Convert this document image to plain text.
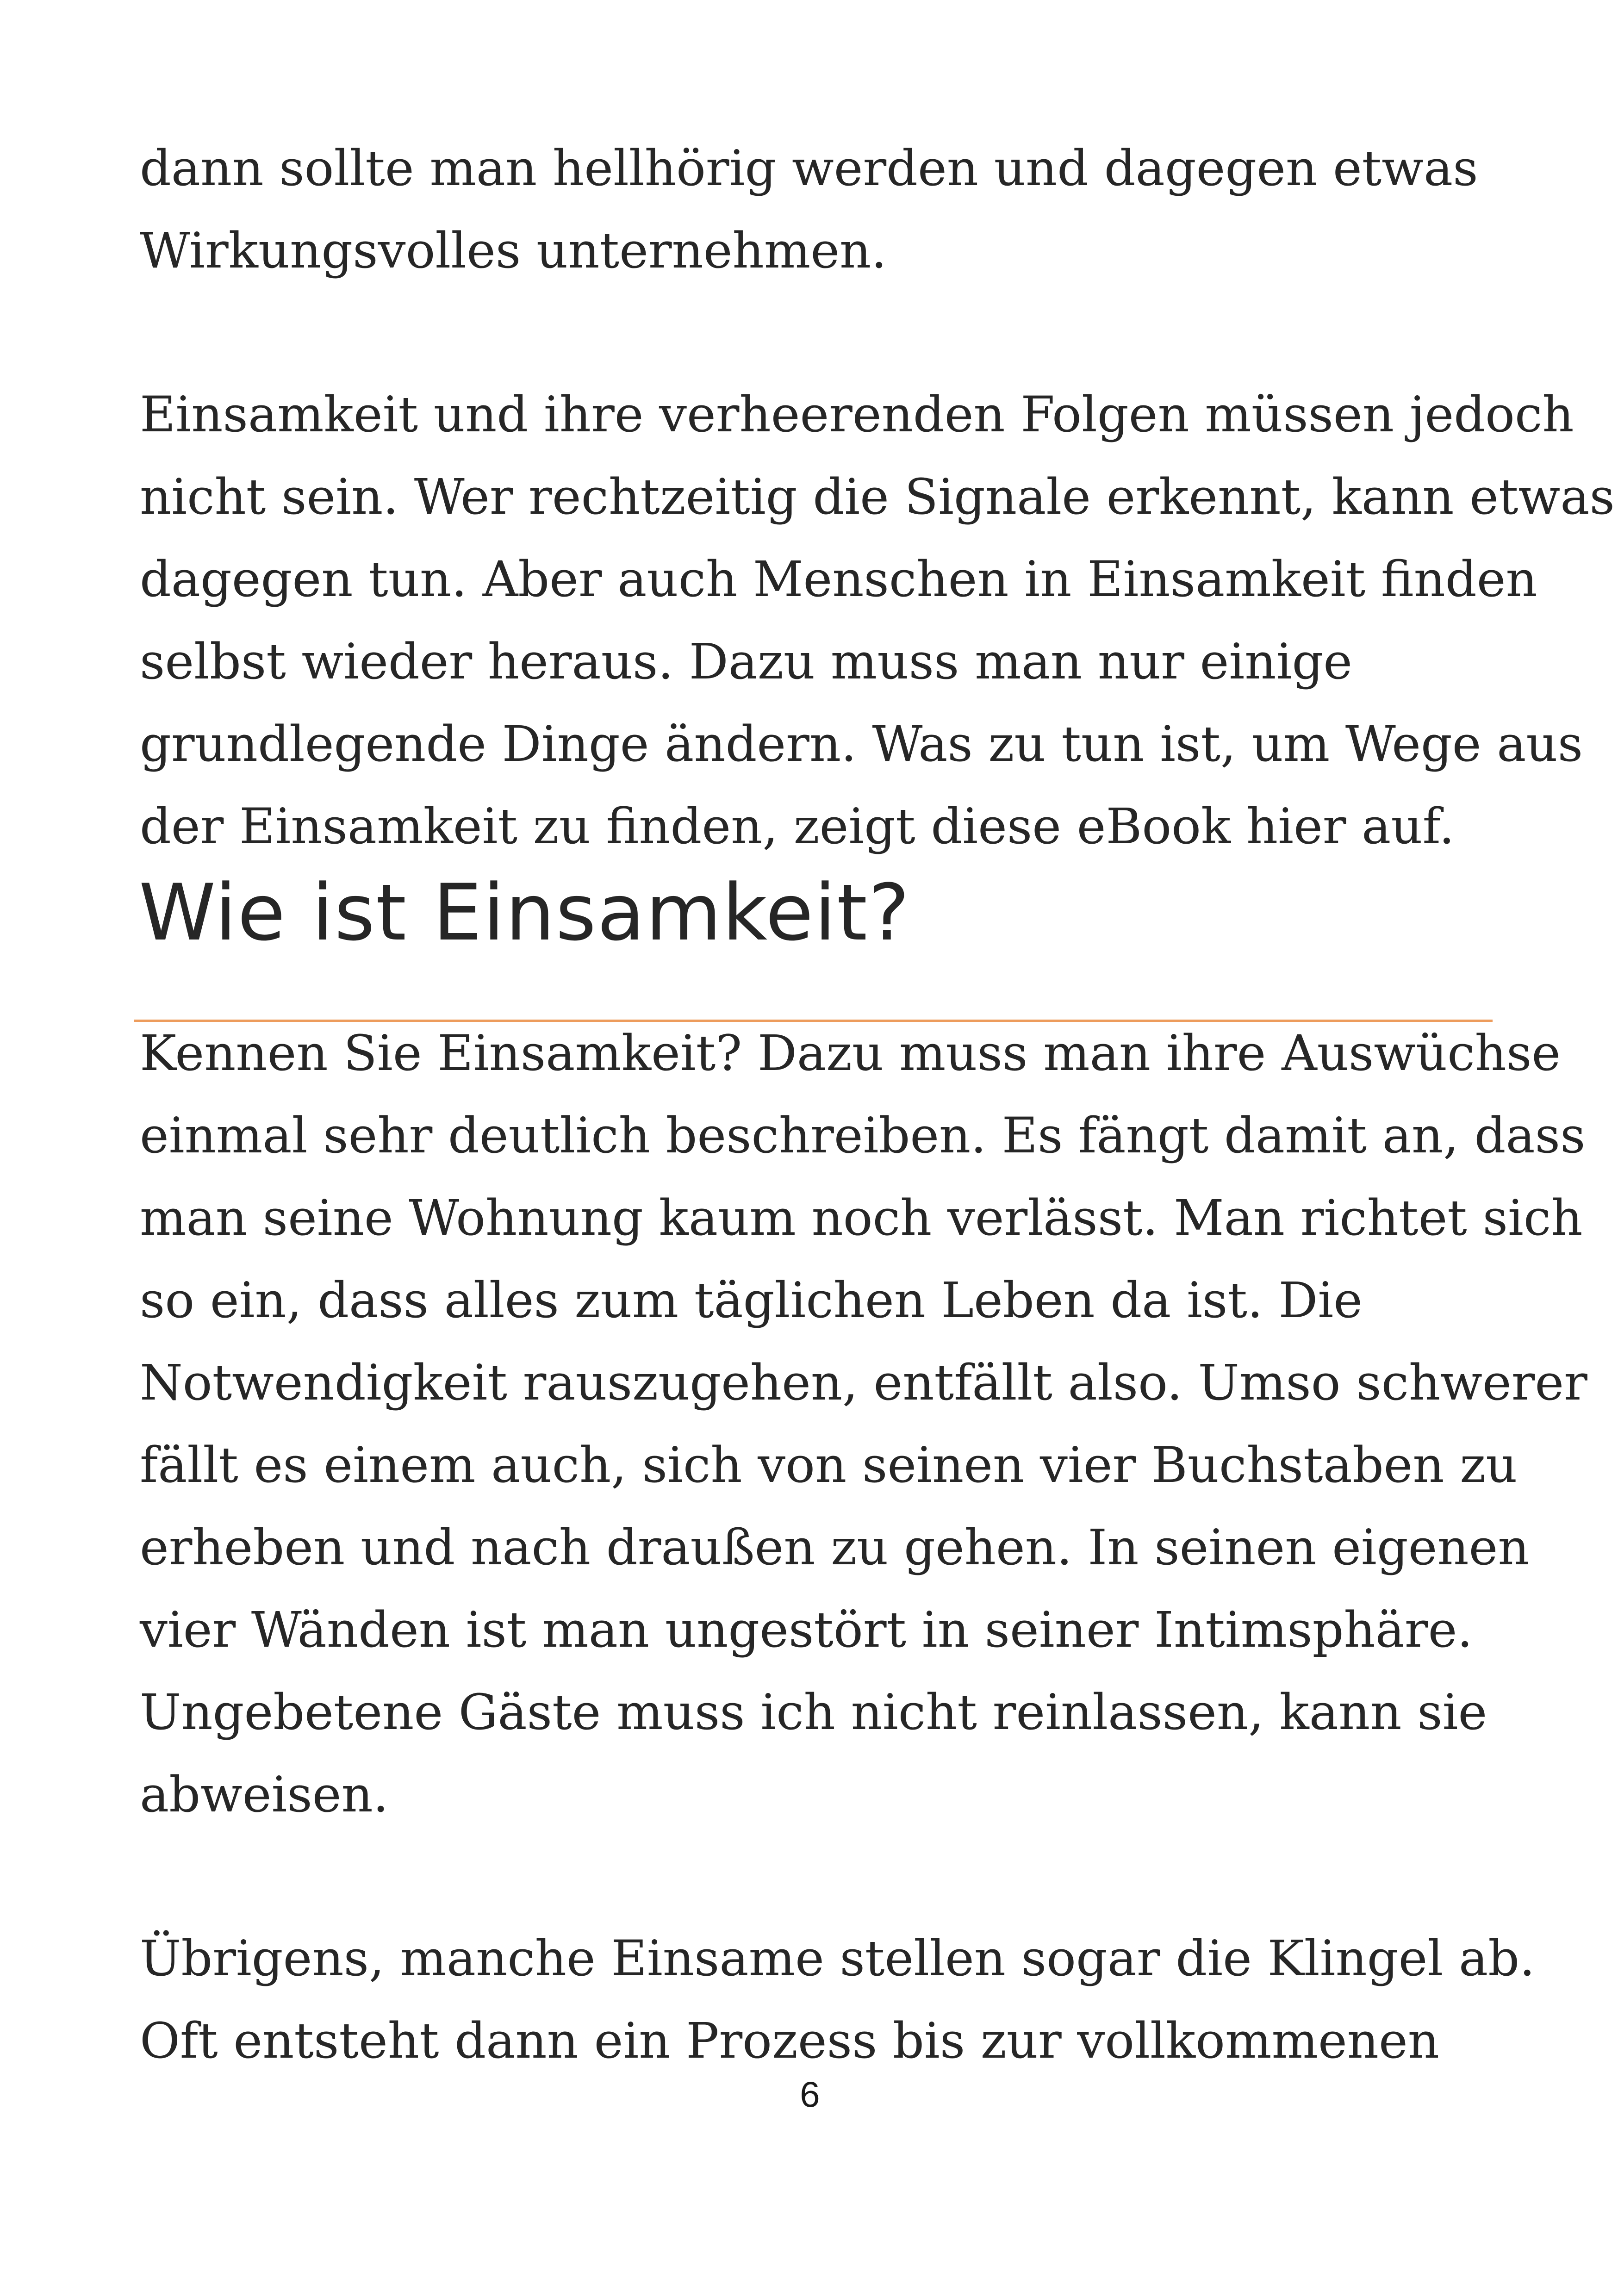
dann sollte man hellhörig werden und dagegen etwas
Wirkungsvolles unternehmen.
Einsamkeit und ihre verheerenden Folgen müssen jedoch
nicht sein. Wer rechtzeitig die Signale erkennt, kann etwas
dagegen tun. Aber auch Menschen in Einsamkeit finden
selbst wieder heraus. Dazu muss man nur einige
grundlegende Dinge ändern. Was zu tun ist, um Wege aus
der Einsamkeit zu finden, zeigt diese eBook hier auf.
Wie ist Einsamkeit?
Kennen Sie Einsamkeit? Dazu muss man ihre Auswüchse
einmal sehr deutlich beschreiben. Es fängt damit an, dass
man seine Wohnung kaum noch verlässt. Man richtet sich
so ein, dass alles zum täglichen Leben da ist. Die
Notwendigkeit rauszugehen, entfällt also. Umso schwerer
fällt es einem auch, sich von seinen vier Buchstaben zu
erheben und nach draußen zu gehen. In seinen eigenen
vier Wänden ist man ungestört in seiner Intimsphäre.
Ungebetene Gäste muss ich nicht reinlassen, kann sie
abweisen.
Übrigens, manche Einsame stellen sogar die Klingel ab.
Oft entsteht dann ein Prozess bis zur vollkommenen
6
